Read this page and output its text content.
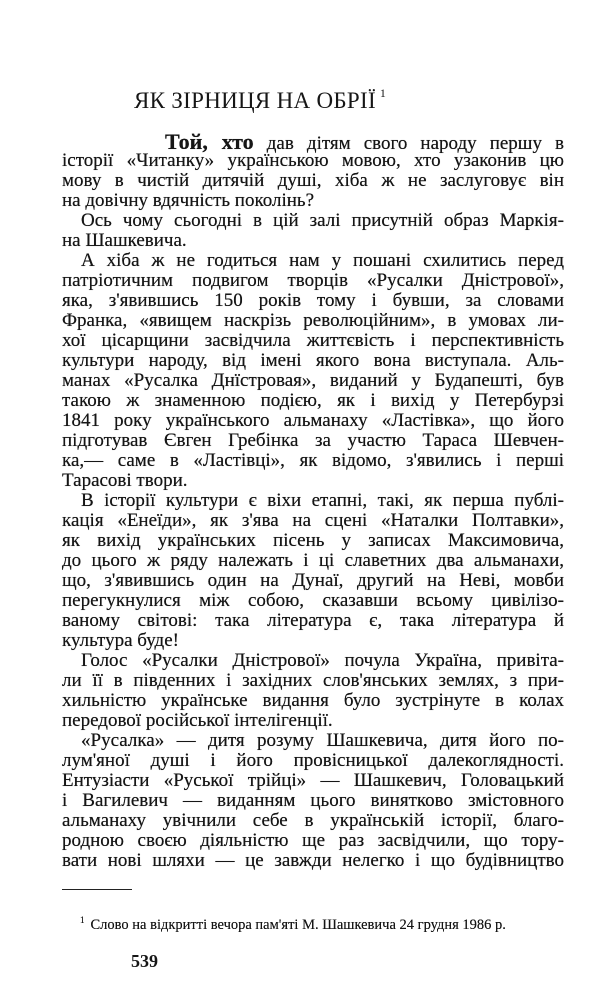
ЯК ЗІРНИЦЯ НА ОБРІЇ $^1$
Той, хто дав дітям свого народу першу в
історії «Читанку» українською мовою, хто узаконив цю
мову в чистій дитячій душі, хіба ж не заслуговує він
на довічну вдячність поколінь?
Ось чому сьогодні в цій залі присутній образ Маркія-
на Шашкевича.
А хіба ж не годиться нам у пошані схилитись перед
патріотичним подвигом творців «Русалки Дністрової»,
яка, з'явившись 150 років тому і бувши, за словами
Франка, «явищем наскрізь революційним», в умовах ли-
хої цісарщини засвідчила життєвість і перспективність
культури народу, від імені якого вона виступала. Аль-
манах «Русалка Днїстровая», виданий у Будапешті, був
такою ж знаменною подією, як і вихід у Петербурзі
1841 року українського альманаху «Ластівка», що його
підготував Євген Гребінка за участю Тараса Шевчен-
ка,— саме в «Ластівці», як відомо, з'явились і перші
Тарасові твори.
В історії культури є віхи етапні, такі, як перша публі-
кація «Енеїди», як з'ява на сцені «Наталки Полтавки»,
як вихід українських пісень у записах Максимовича,
до цього ж ряду належать і ці славетних два альманахи,
що, з'явившись один на Дунаї, другий на Неві, мовби
перегукнулися між собою, сказавши всьому цивілізо-
ваному світові: така література є, така література й
культура буде!
Голос «Русалки Дністрової» почула Україна, привіта-
ли її в південних і західних слов'янських землях, з при-
хильністю українське видання було зустрінуте в колах
передової російської інтелігенції.
«Русалка» — дитя розуму Шашкевича, дитя його по-
лум'яної душі і його провісницької далекоглядності.
Ентузіасти «Руської трійці» — Шашкевич, Головацький
і Вагилевич — виданням цього винятково змістовного
альманаху увічнили себе в українській історії, благо-
родною своєю діяльністю ще раз засвідчили, що тору-
вати нові шляхи — це завжди нелегко і що будівництво
$^1$ Слово на відкритті вечора пам'яті М. Шашкевича 24 грудня 1986 р.
539
